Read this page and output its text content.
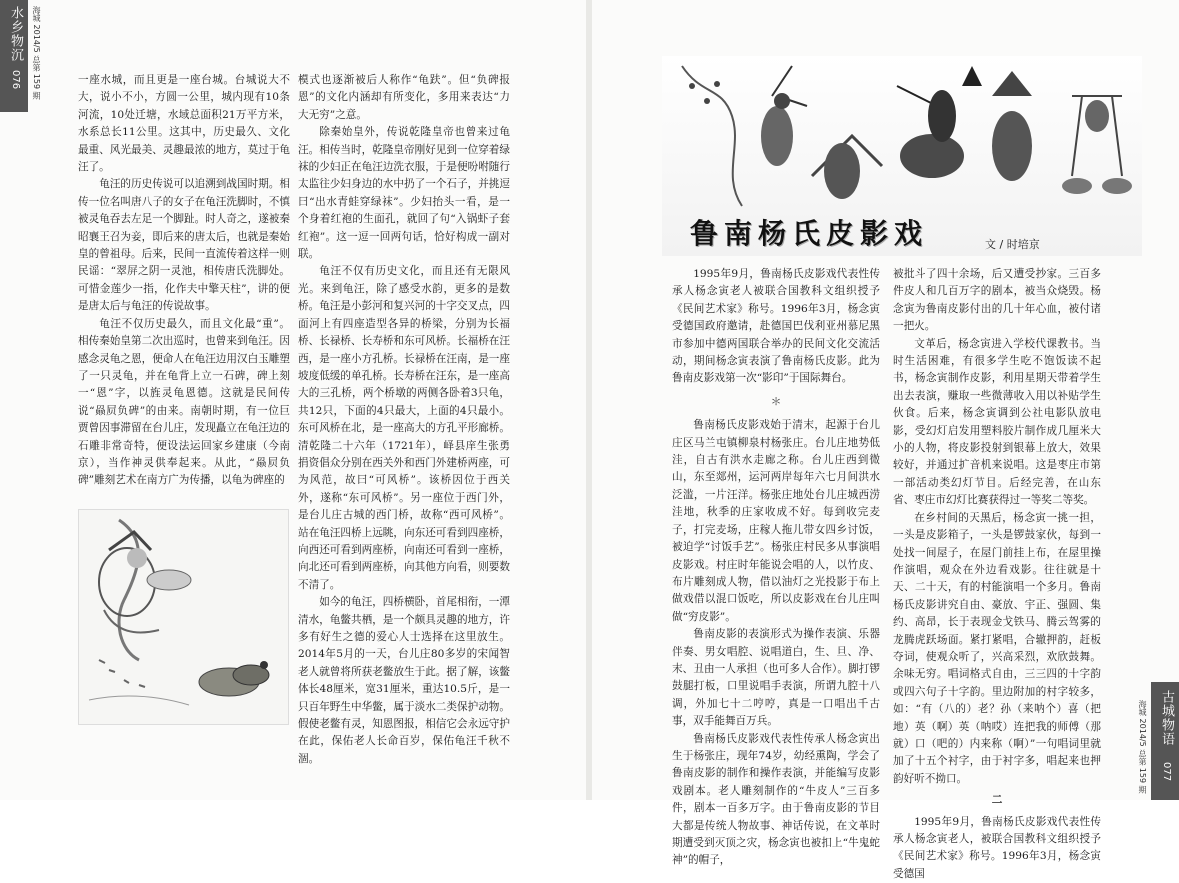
水乡物沉
076 海城 2014/5 总第 159 期	一座水城，而且更是一座台城。台城说大不大，说小不小，方圆一公里，城内现有10条河流，10处迁塘，水域总面积21万平方米，水系总长11公里。这其中，历史最久、文化最重、风光最美、灵趣最浓的地方，莫过于龟汪了。

龟汪的历史传说可以追溯到战国时期。相传一位名叫唐八子的女子在龟汪洗脚时，不慎被灵龟吞去左足一个脚趾。时人奇之，遂被秦昭襄王召为妾，即后来的唐太后，也就是秦始皇的曾祖母。后来，民间一直流传着这样一则民谣：“翠屏之阴一灵池，相传唐氏洗脚处。可惜金莲少一指，化作夫中擎天柱”，讲的便是唐太后与龟汪的传说故事。

龟汪不仅历史最久，而且文化最“重”。相传秦始皇第二次出巡时，也曾来到龟汪。因感念灵龟之恩，便命人在龟汪边用汉白玉雕塑了一只灵龟，并在龟背上立一石碑，碑上刻一“恩”字，以旌灵龟恩德。这就是民间传说“赑屃负碑”的由来。南朝时期，有一位巨贾曾因事滞留在台儿庄，发现矗立在龟汪边的石雕非常奇特，便设法运回家乡建康（今南京），当作神灵供奉起来。从此，“赑屃负碑”雕刻艺术在南方广为传播，以龟为碑座的

模式也逐渐被后人称作“龟趺”。但“负碑报恩”的文化内涵却有所变化，多用来表达“力大无穷”之意。

除秦始皇外，传说乾隆皇帝也曾来过龟汪。相传当时，乾隆皇帝刚好见到一位穿着绿袜的少妇正在龟汪边洗衣服，于是便吩咐随行太监往少妇身边的水中扔了一个石子，并挑逗曰“出水青蛙穿绿袜”。少妇抬头一看，是一个身着红袍的生面孔，就回了句“入锅虾子套红袍”。这一逗一回两句话，恰好构成一副对联。

龟汪不仅有历史文化，而且还有无限风光。来到龟汪，除了感受水韵，更多的是数桥。龟汪是小彭河和复兴河的十字交叉点，四面河上有四座造型各异的桥梁，分别为长福桥、长禄桥、长寿桥和东可风桥。长福桥在汪西，是一座小方孔桥。长禄桥在汪南，是一座坡度低缓的单孔桥。长寿桥在汪东，是一座高大的三孔桥，两个桥墩的两侧各卧着3只龟，共12只，下面的4只最大，上面的4只最小。东可风桥在北，是一座高大的方孔平形廊桥。清乾隆二十六年（1721年），峄县庠生张勇捐资倡众分别在西关外和西门外建桥两座，可为风范，故曰“可风桥”。该桥因位于西关外，遂称“东可风桥”。另一座位于西门外，是台儿庄古城的西门桥，故称“西可风桥”。站在龟汪四桥上远眺，向东还可看到四座桥，向西还可看到两座桥，向南还可看到一座桥，向北还可看到两座桥，向其他方向看，则要数不清了。

如今的龟汪，四桥横卧，首尾相衔，一潭清水，龟鳖共栖，是一个颇具灵趣的地方，许多有好生之德的爱心人士选择在这里放生。2014年5月的一天，台儿庄80多岁的宋闻智老人就曾将所获老鳖放生于此。据了解，该鳖体长48厘米，宽31厘米，重达10.5斤，是一只百年野生中华鳖，属于淡水二类保护动物。假使老鳖有灵，知恩图报，相信它会永远守护在此，保佑老人长命百岁，保佑龟汪千秋不涸。

鲁南杨氏皮影戏	文 / 时培京

1995年9月，鲁南杨氏皮影戏代表性传承人杨念寅老人被联合国教科文组织授予《民间艺术家》称号。1996年3月，杨念寅受德国政府邀请，赴德国巴伐利亚州慕尼黑市参加中德两国联合举办的民间文化交流活动，期间杨念寅表演了鲁南杨氏皮影。此为鲁南皮影戏第一次“影印”于国际舞台。

＊

鲁南杨氏皮影戏始于清末，起源于台儿庄区马兰屯镇柳泉村杨张庄。台儿庄地势低洼，自古有洪水走廊之称。台儿庄西到微山，东至郯州，运河两岸每年六七月间洪水泛滥，一片汪洋。杨张庄地处台儿庄城西涝洼地，秋季的庄家收成不好。每到收完麦子，打完麦场，庄稼人拖儿带女四乡讨饭，被迫学“讨饭手艺”。杨张庄村民多从事演唱皮影戏。村庄时年能说会唱的人，以竹皮、布片雕刻成人物，借以油灯之光投影于布上做戏借以混口饭吃，所以皮影戏在台儿庄叫做“穷皮影”。

鲁南皮影的表演形式为操作表演、乐器伴奏、男女唱腔、说唱道白，生、旦、净、末、丑由一人承担（也可多人合作）。脚打锣鼓腿打板，口里说唱手表演，所谓九腔十八调，外加七十二哼哼，真是一口唱出千古事，双手能舞百万兵。

鲁南杨氏皮影戏代表性传承人杨念寅出生于杨张庄，现年74岁，幼经熏陶，学会了鲁南皮影的制作和操作表演，并能编写皮影戏剧本。老人雕刻制作的“牛皮人”三百多件，剧本一百多万字。由于鲁南皮影的节目大都是传统人物故事、神话传说，在文革时期遭受到灭顶之灾，杨念寅也被扣上“牛鬼蛇神”的帽子，

被批斗了四十余场，后又遭受抄家。三百多件皮人和几百万字的剧本，被当众烧毁。杨念寅为鲁南皮影付出的几十年心血，被付诸一把火。

文革后，杨念寅进入学校代课教书。当时生活困难，有很多学生吃不饱饭读不起书，杨念寅制作皮影，利用星期天带着学生出去表演，赚取一些微薄收入用以补贴学生伙食。后来，杨念寅调到公社电影队放电影，受幻灯启发用塑料胶片制作成几厘米大小的人物，将皮影投射到银幕上放大，效果较好，并通过扩音机来说唱。这是枣庄市第一部活动类幻灯节目。后经完善，在山东省、枣庄市幻灯比赛获得过一等奖二等奖。

在乡村间的天黑后，杨念寅一挑一担，一头是皮影箱子，一头是锣鼓家伙，每到一处找一间屋子，在屋门前挂上布，在屋里操作演唱，观众在外边看戏影。往往就是十天、二十天，有的村能演唱一个多月。鲁南杨氏皮影讲究自由、豪放、宇正、强圆、集约、高昂，长于表现金戈铁马、腾云驾雾的龙腾虎跃场面。紧打紧唱，合辙押韵，赶板夺词，使观众听了，兴高采烈，欢欣鼓舞。余味无穷。唱词格式自由，三三四的十字韵或四六句子十字韵。里边附加的村字较多，如：“有（八的）老？孙（来呐个）喜（把地）英（啊）英（呐哎）连把我的师傅（那就）口（吧的）内来称（啊）”一句唱词里就加了十五个衬字，由于衬字多，唱起来也押韵好听不拗口。

二

1995年9月，鲁南杨氏皮影戏代表性传承人杨念寅老人，被联合国教科文组织授予《民间艺术家》称号。1996年3月，杨念寅受德国

古城物语
077
海城 2014/5 总第 159 期
